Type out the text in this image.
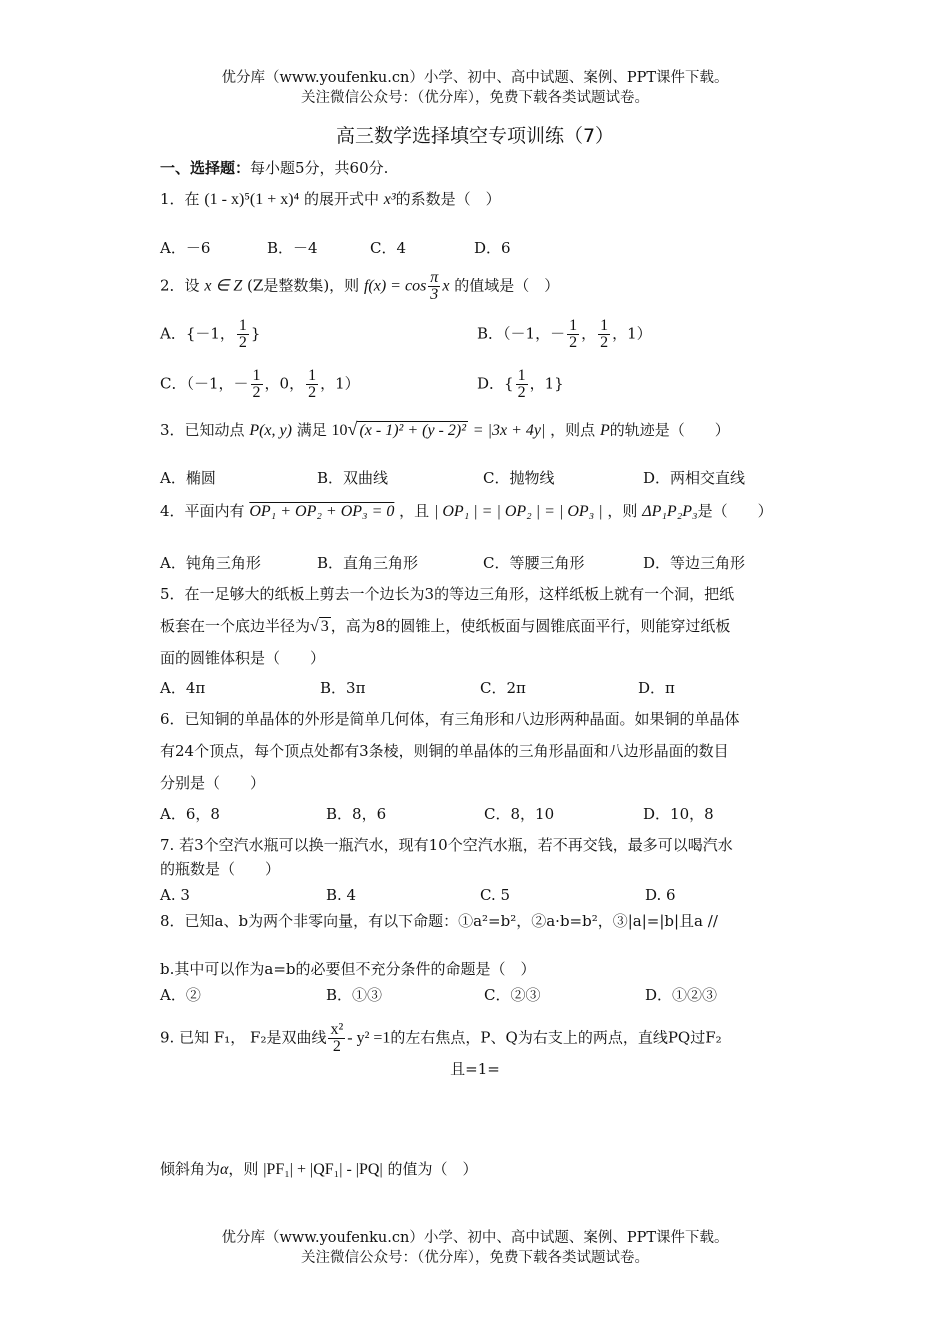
优分库（www.youfenku.cn）小学、初中、高中试题、案例、PPT课件下载。
关注微信公众号：（优分库），免费下载各类试题试卷。
高三数学选择填空专项训练（7）
一、选择题：每小题5分，共60分.
1．在 (1 - x)⁵(1 + x)⁴ 的展开式中 x³的系数是（　）
A．－6	B．－4	C．4	D．6
2．设 x ∈ Z (Z是整数集)，则 $f(x) = \cos \frac{\pi}{3}$ x 的值域是（　）
A．{－1， $\frac{1}{2}$ }	B．（－1，－ $\frac{1}{2}$ ， $\frac{1}{2}$ ，1）
C．（－1，－ $\frac{1}{2}$ ，0， $\frac{1}{2}$ ，1）	D．{ $\frac{1}{2}$ ，1}
3．已知动点 P(x, y) 满足 10√ (x - 1)² + (y - 2)² = |3x + 4y| ，则点 P的轨迹是（　　）
A．椭圆	B．双曲线	C．抛物线	D．两相交直线
4．平面内有 OP₁ + OP₂ + OP₃ = 0 ，且 | OP₁ | = | OP₂ | = | OP₃ | ，则 ΔP₁P₂P₃是（　　）
A．钝角三角形	B．直角三角形	C．等腰三角形	D．等边三角形
5．在一足够大的纸板上剪去一个边长为3的等边三角形，这样纸板上就有一个洞，把纸
板套在一个底边半径为√ 3 ，高为8的圆锥上，使纸板面与圆锥底面平行，则能穿过纸板
面的圆锥体积是（　　）
A．4π	B．3π	C．2π	D．π
6．已知铜的单晶体的外形是简单几何体，有三角形和八边形两种晶面。如果铜的单晶体
有24个顶点，每个顶点处都有3条棱，则铜的单晶体的三角形晶面和八边形晶面的数目
分别是（　　）
A．6，8	B．8，6	C．8，10	D．10，8
7. 若3个空汽水瓶可以换一瓶汽水，现有10个空汽水瓶，若不再交钱，最多可以喝汽水
的瓶数是（　　）
A. 3	B. 4	C. 5	D. 6
8．已知a、b为两个非零向量，有以下命题：①a²=b²，②a·b=b²，③|a|=|b|且a //
b.其中可以作为a=b的必要但不充分条件的命题是（　）
A．②	B．①③	C．②③	D．①②③
9. 已知 F₁， F₂是双曲线 $\frac{\text{x²}}{2} - y^2 =1$的左右焦点，P、Q为右支上的两点，直线PQ过F₂
且=1=
倾斜角为α，则 |PF₁| + |QF₁| - |PQ| 的值为（　）
优分库（www.youfenku.cn）小学、初中、高中试题、案例、PPT课件下载。
关注微信公众号：（优分库），免费下载各类试题试卷。
